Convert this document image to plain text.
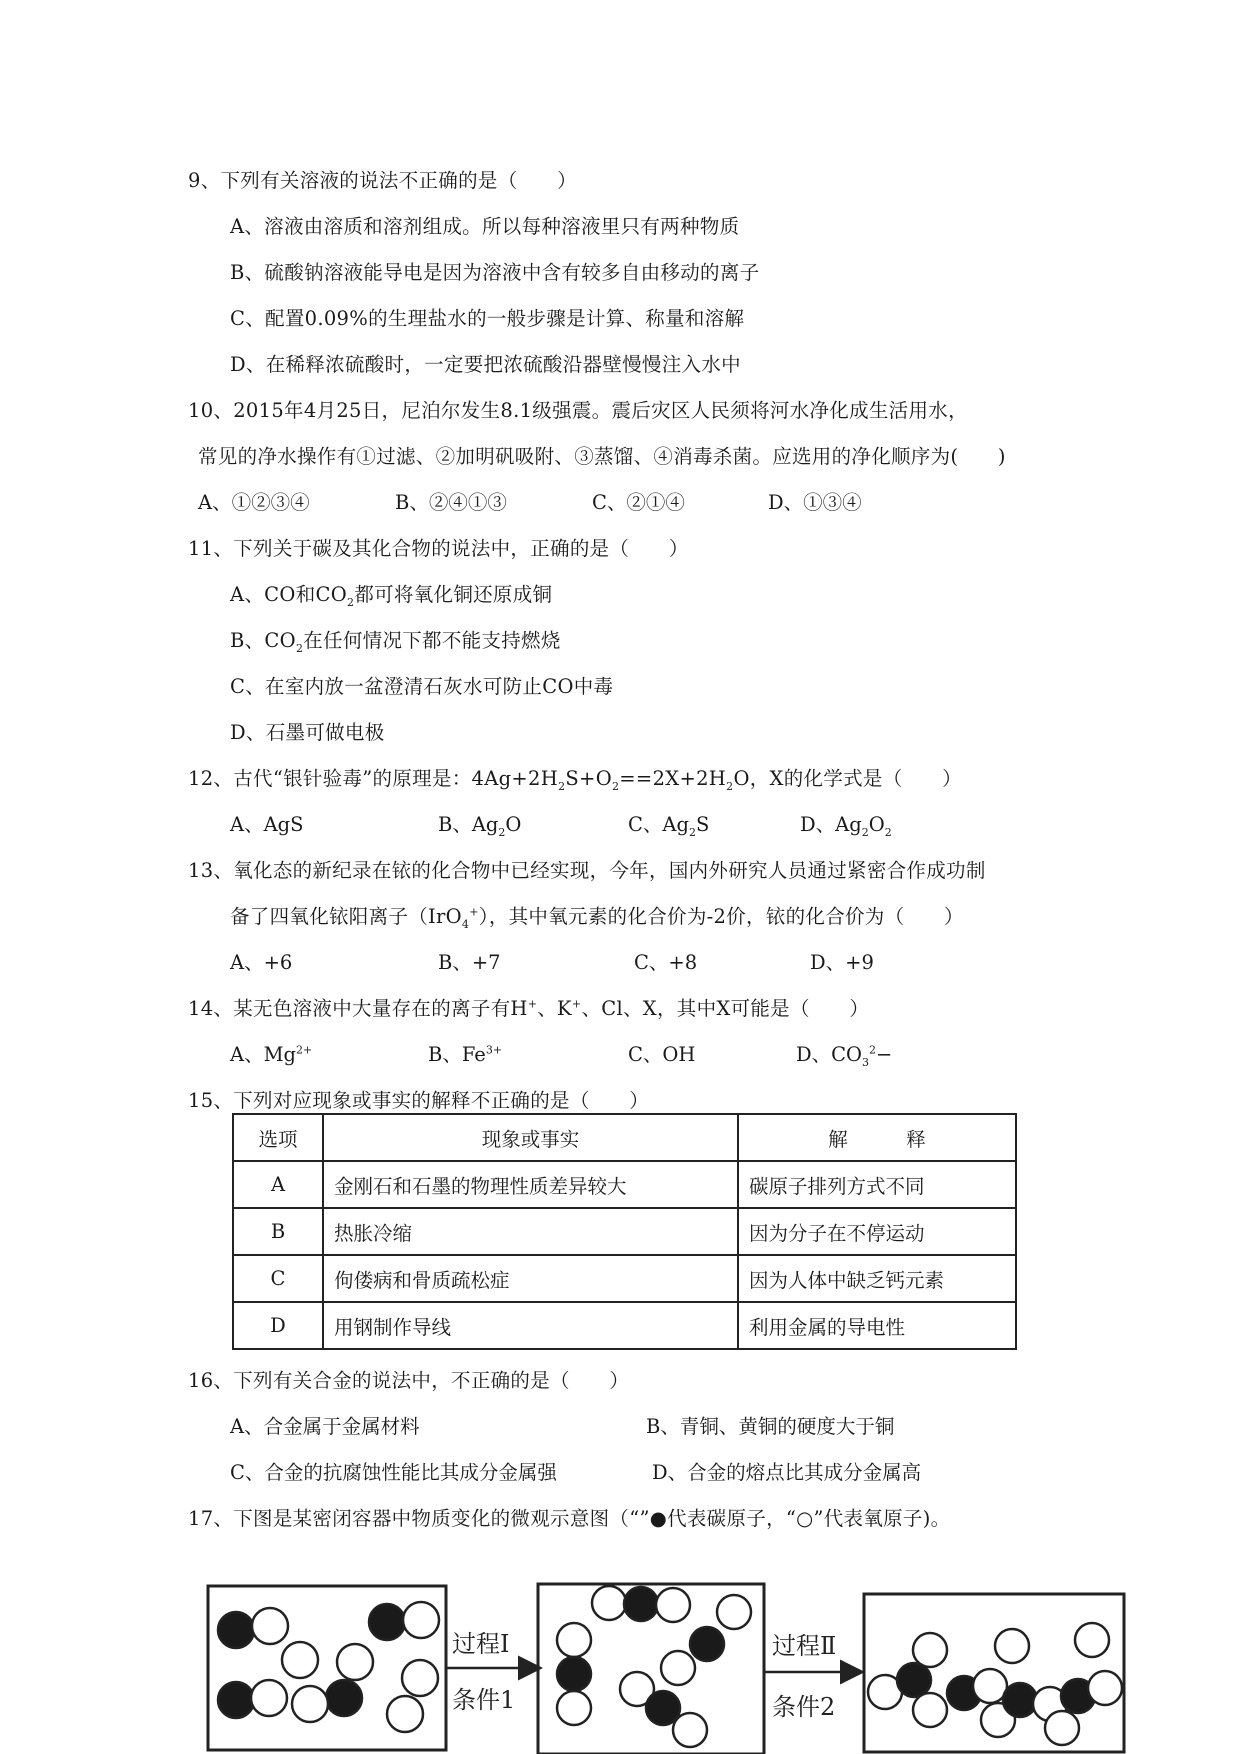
9、下列有关溶液的说法不正确的是（　　）
A、溶液由溶质和溶剂组成。所以每种溶液里只有两种物质
B、硫酸钠溶液能导电是因为溶液中含有较多自由移动的离子
C、配置0.09%的生理盐水的一般步骤是计算、称量和溶解
D、在稀释浓硫酸时，一定要把浓硫酸沿器壁慢慢注入水中
10、2015年4月25日，尼泊尔发生8.1级强震。震后灾区人民须将河水净化成生活用水，
常见的净水操作有①过滤、②加明矾吸附、③蒸馏、④消毒杀菌。应选用的净化顺序为(　　)
A、①②③④	B、②④①③	C、②①④	D、①③④
11、下列关于碳及其化合物的说法中，正确的是（　　）
A、CO和$CO_2$都可将氧化铜还原成铜
B、$CO_2$在任何情况下都不能支持燃烧
C、在室内放一盆澄清石灰水可防止CO中毒
D、石墨可做电极
12、古代“银针验毒”的原理是：$4Ag+2H_2S+O_2==2X+2H_2O$，X的化学式是（　　）
A、AgS	B、$Ag_2O$	C、$Ag_2S$	D、$Ag_2O_2$
13、氧化态的新纪录在铱的化合物中已经实现，今年，国内外研究人员通过紧密合作成功制
备了四氧化铱阳离子（IrO$_4$+），其中氧元素的化合价为-2价，铱的化合价为（　　）
A、+6	B、+7	C、+8	D、+9
14、某无色溶液中大量存在的离子有H+、K+、Cl、X，其中X可能是（　　）
A、$Mg^{2+}$	B、$Fe^{3+}$	C、OH	D、$CO_3^2-$
15、下列对应现象或事实的解释不正确的是（　　）
选项	现象或事实	解　　　释
A	金刚石和石墨的物理性质差异较大	碳原子排列方式不同
B	热胀冷缩	因为分子在不停运动
C	佝偻病和骨质疏松症	因为人体中缺乏钙元素
D	用钢制作导线	利用金属的导电性
16、下列有关合金的说法中，不正确的是（　　）
A、合金属于金属材料	B、青铜、黄铜的硬度大于铜
C、合金的抗腐蚀性能比其成分金属强	D、合金的熔点比其成分金属高
17、下图是某密闭容器中物质变化的微观示意图（“”●代表碳原子，“○”代表氧原子)。
过程Ⅰ
条件1
过程Ⅱ
条件2
